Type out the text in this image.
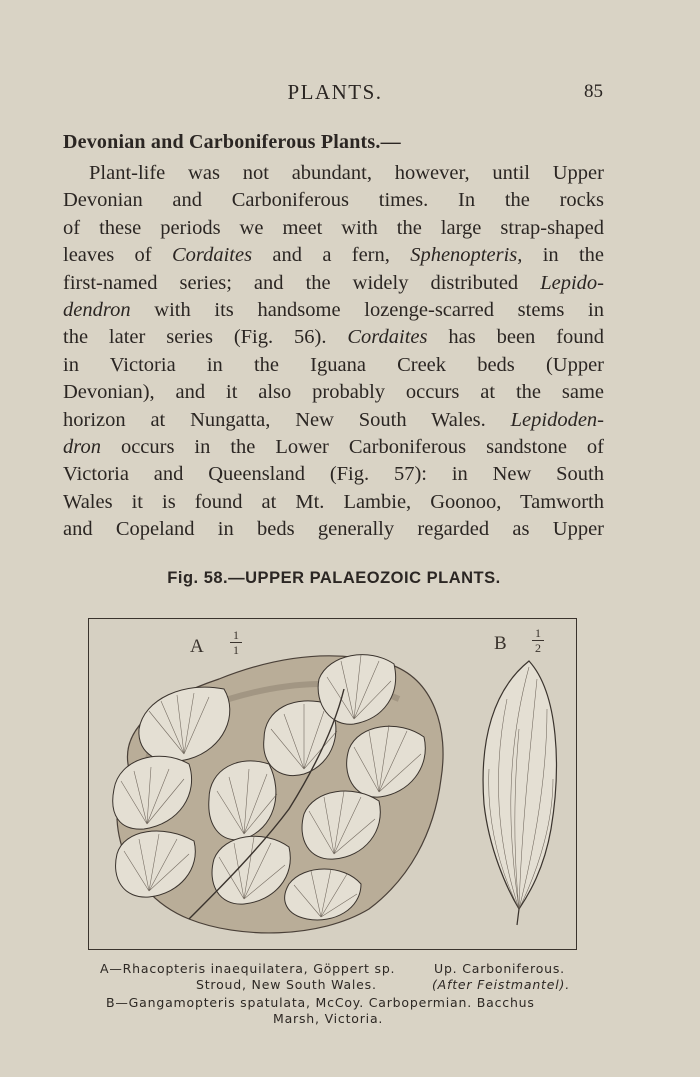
PLANTS.	85
Devonian and Carboniferous Plants.—
Plant-life was not abundant, however, until Upper
Devonian and Carboniferous times. In the rocks
of these periods we meet with the large strap-shaped
leaves of Cordaites and a fern, Sphenopteris, in the
first-named series; and the widely distributed Lepido-
dendron with its handsome lozenge-scarred stems in
the later series (Fig. 56). Cordaites has been found
in Victoria in the Iguana Creek beds (Upper
Devonian), and it also probably occurs at the same
horizon at Nungatta, New South Wales. Lepidoden-
dron occurs in the Lower Carboniferous sandstone of
Victoria and Queensland (Fig. 57): in New South
Wales it is found at Mt. Lambie, Goonoo, Tamworth
and Copeland in beds generally regarded as Upper
Fig. 58.—UPPER PALAEOZOIC PLANTS.
A
1
1	B 1
2
A—Rhacopteris inaequilatera, Göppert sp.	Up. Carboniferous.
Stroud, New South Wales.	(After Feistmantel).
B—Gangamopteris spatulata, McCoy. Carbopermian. Bacchus
Marsh, Victoria.
